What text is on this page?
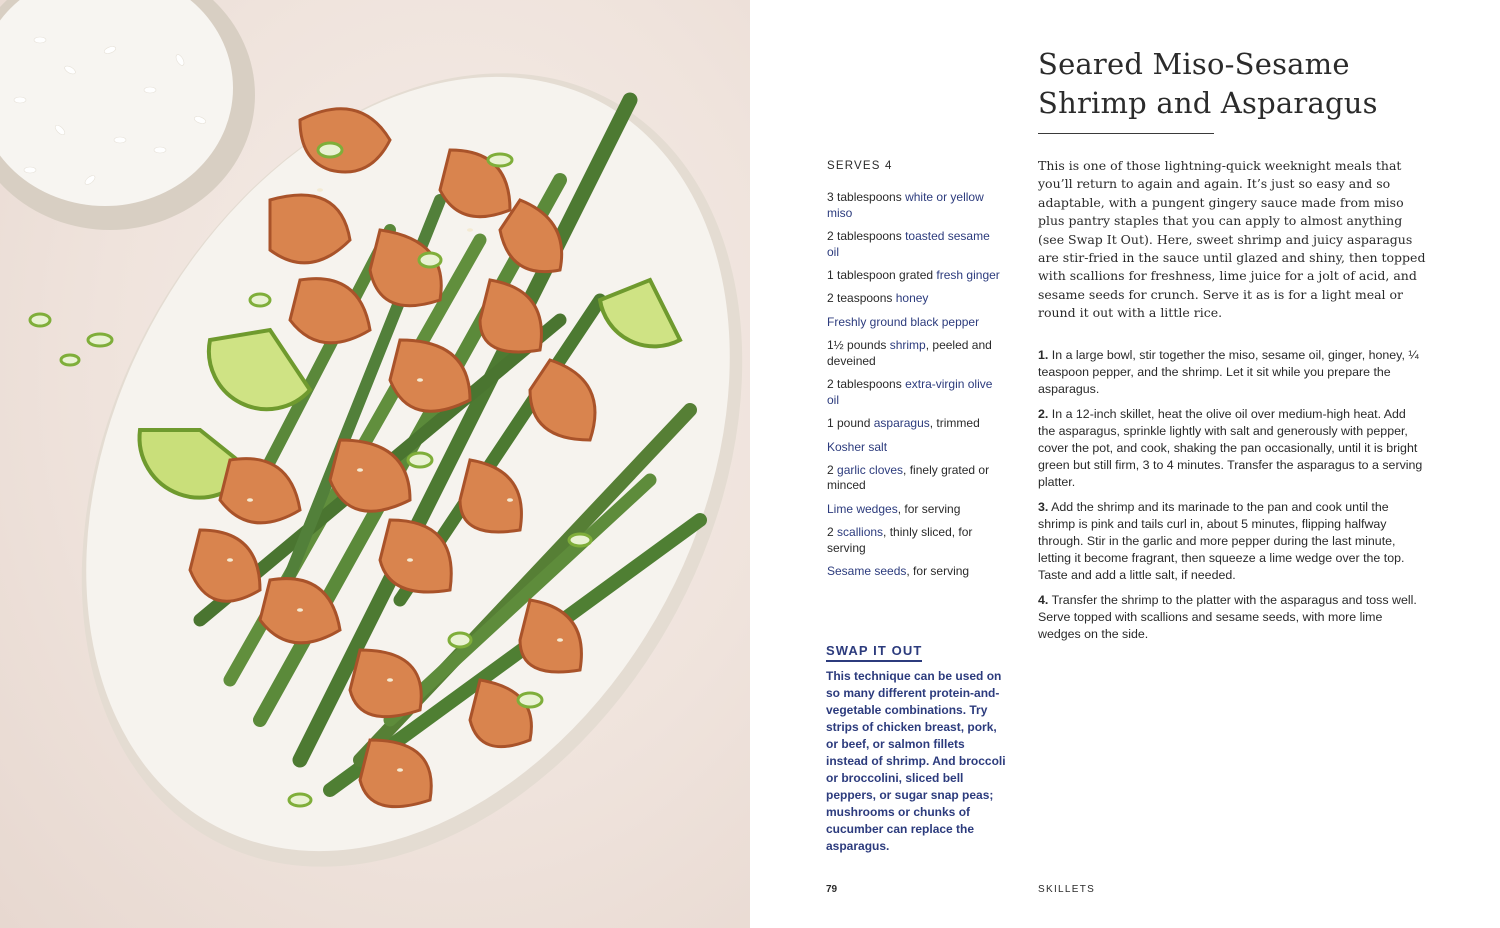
Seared Miso-Sesame
Shrimp and Asparagus
SERVES 4
3 tablespoons white or yellow miso
2 tablespoons toasted sesame oil
1 tablespoon grated fresh ginger
2 teaspoons honey
Freshly ground black pepper
1½ pounds shrimp, peeled and deveined
2 tablespoons extra-virgin olive oil
1 pound asparagus, trimmed
Kosher salt
2 garlic cloves, finely grated or minced
Lime wedges, for serving
2 scallions, thinly sliced, for serving
Sesame seeds, for serving
SWAP IT OUT

This technique can be used on so many different protein-and-vegetable combinations. Try strips of chicken breast, pork, or beef, or salmon fillets instead of shrimp. And broccoli or broccolini, sliced bell peppers, or sugar snap peas; mushrooms or chunks of cucumber can replace the asparagus.

This is one of those lightning-quick weeknight meals that you’ll return to again and again. It’s just so easy and so adaptable, with a pungent gingery sauce made from miso plus pantry staples that you can apply to almost anything (see Swap It Out). Here, sweet shrimp and juicy asparagus are stir-fried in the sauce until glazed and shiny, then topped with scallions for freshness, lime juice for a jolt of acid, and sesame seeds for crunch. Serve it as is for a light meal or round it out with a little rice.

1. In a large bowl, stir together the miso, sesame oil, ginger, honey, ¼ teaspoon pepper, and the shrimp. Let it sit while you prepare the asparagus.
2. In a 12-inch skillet, heat the olive oil over medium-high heat. Add the asparagus, sprinkle lightly with salt and generously with pepper, cover the pot, and cook, shaking the pan occasionally, until it is bright green but still firm, 3 to 4 minutes. Transfer the asparagus to a serving platter.
3. Add the shrimp and its marinade to the pan and cook until the shrimp is pink and tails curl in, about 5 minutes, flipping halfway through. Stir in the garlic and more pepper during the last minute, letting it become fragrant, then squeeze a lime wedge over the top. Taste and add a little salt, if needed.
4. Transfer the shrimp to the platter with the asparagus and toss well. Serve topped with scallions and sesame seeds, with more lime wedges on the side.
79	SKILLETS
